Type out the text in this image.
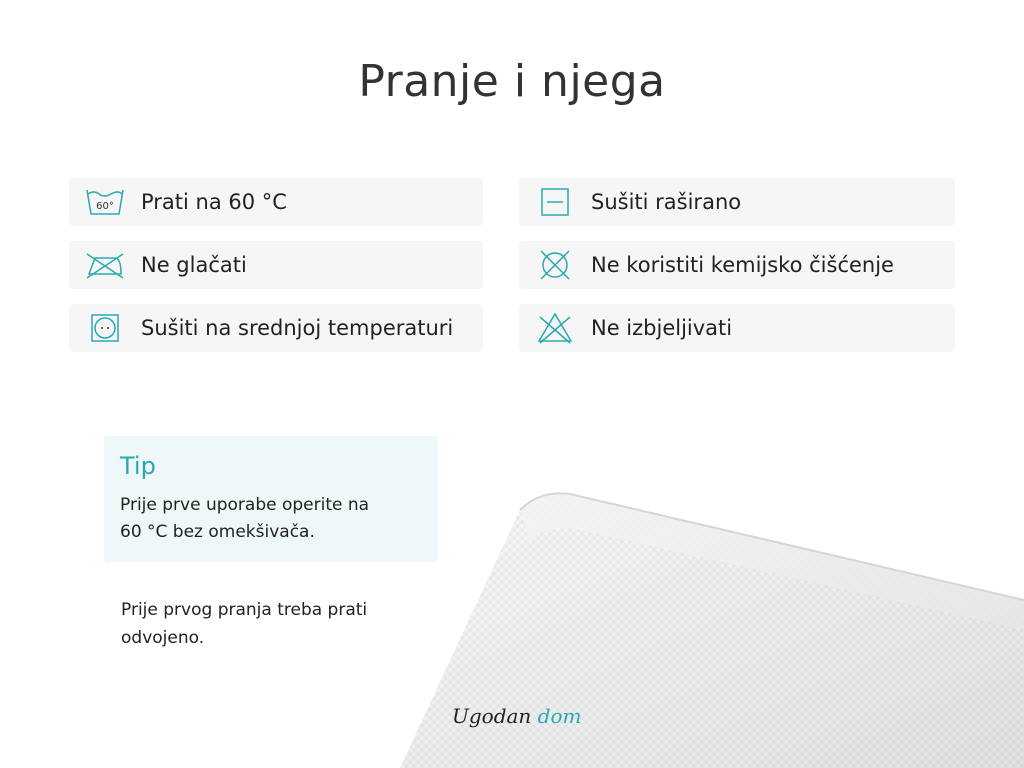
Pranje i njega
60° Prati na 60 °C	Sušiti raširano
Ne glačati	Ne koristiti kemijsko čišćenje
Sušiti na srednjoj temperaturi	Ne izbjeljivati
Tip
Prije prve uporabe operite na
60 °C bez omekšivača.
Prije prvog pranja treba prati
odvojeno.
Ugodan dom
